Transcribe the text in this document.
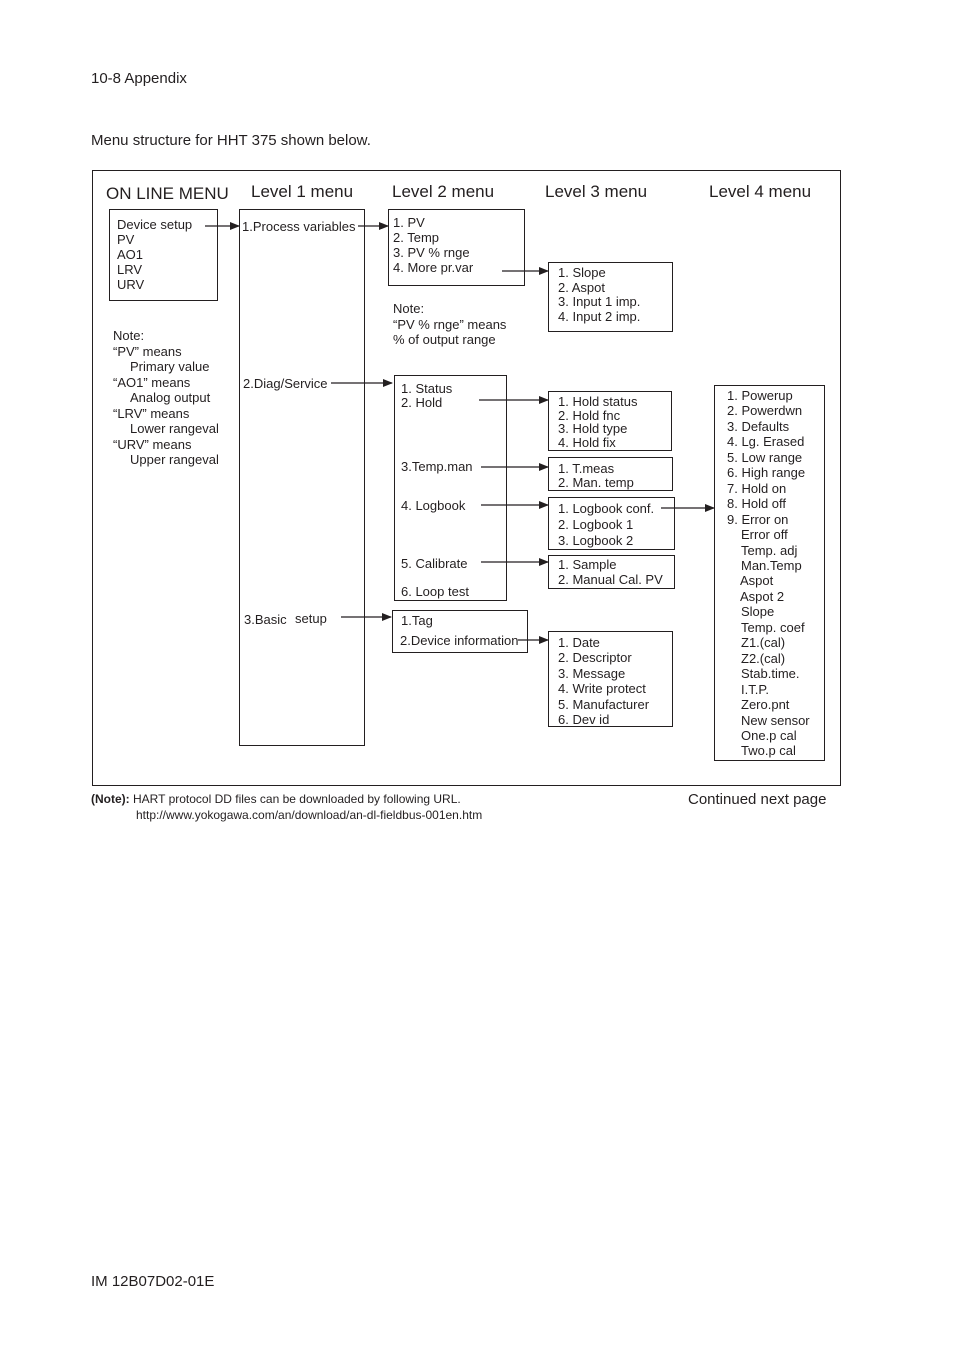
10-8 Appendix
Menu structure for HHT 375 shown below.
ON LINE MENU Level 1 menu Level 2 menu	Level 3 menu	Level 4 menu
Device setup
PV
AO1
LRV
URV
Note:
“PV” means
Primary value
“AO1” means
Analog output
“LRV” means
Lower rangeval
“URV” means
Upper rangeval
1.Process variables
2.Diag/Service
3.Basic setup
1. PV
2. Temp
3. PV % rnge
4. More pr.var
Note:
“PV % rnge” means
% of output range
1. Status
2. Hold
3.Temp.man
4. Logbook
5. Calibrate
6. Loop test
1.Tag
2.Device information
1. Slope
2. Aspot
3. Input 1 imp.
4. Input 2 imp.
1. Hold status
2. Hold fnc
3. Hold type
4. Hold fix
1. T.meas
2. Man. temp
1. Logbook conf.
2. Logbook 1
3. Logbook 2
1. Sample
2. Manual Cal. PV
1. Date
2. Descriptor
3. Message
4. Write protect
5. Manufacturer
6. Dev id
1. Powerup
2. Powerdwn
3. Defaults
4. Lg. Erased
5. Low range
6. High range
7. Hold on
8. Hold off
9. Error on
Error off
Temp. adj
Man.Temp
Aspot
Aspot 2
Slope
Temp. coef
Z1.(cal)
Z2.(cal)
Stab.time.
I.T.P.
Zero.pnt
New sensor
One.p cal
Two.p cal
(Note): HART protocol DD files can be downloaded by following URL.
http://www.yokogawa.com/an/download/an-dl-fieldbus-001en.htm
Continued next page
IM 12B07D02-01E
